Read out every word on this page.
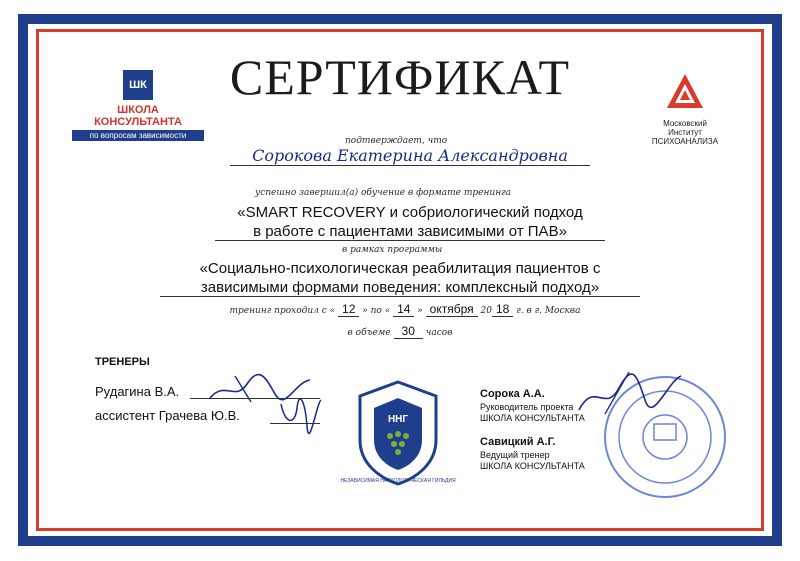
ШК
ШКОЛА КОНСУЛЬТАНТА
по вопросам зависимости
СЕРТИФИКАТ
Московский
Институт
ПСИХОАНАЛИЗА
подтверждает, что
Сорокова Екатерина Александровна
успешно завершил(а) обучение в формате тренинга
«SMART RECOVERY и собриологический подход
в работе с пациентами зависимыми от ПАВ»
в рамках программы
«Социально-психологическая реабилитация пациентов с
зависимыми формами поведения: комплексный подход»
тренинг проходил с « 12 » по « 14 » октября 20 18 г. в г. Москва
в объеме 30 часов
ТРЕНЕРЫ
Рудагина В.А.
ассистент Грачева Ю.В.	ННГ
НЕЗАВИСИМАЯ НАРКОЛОГИЧЕСКАЯ ГИЛЬДИЯ
Сорока А.А.
Руководитель проекта
ШКОЛА КОНСУЛЬТАНТА
Савицкий А.Г.
Ведущий тренер
ШКОЛА КОНСУЛЬТАНТА
